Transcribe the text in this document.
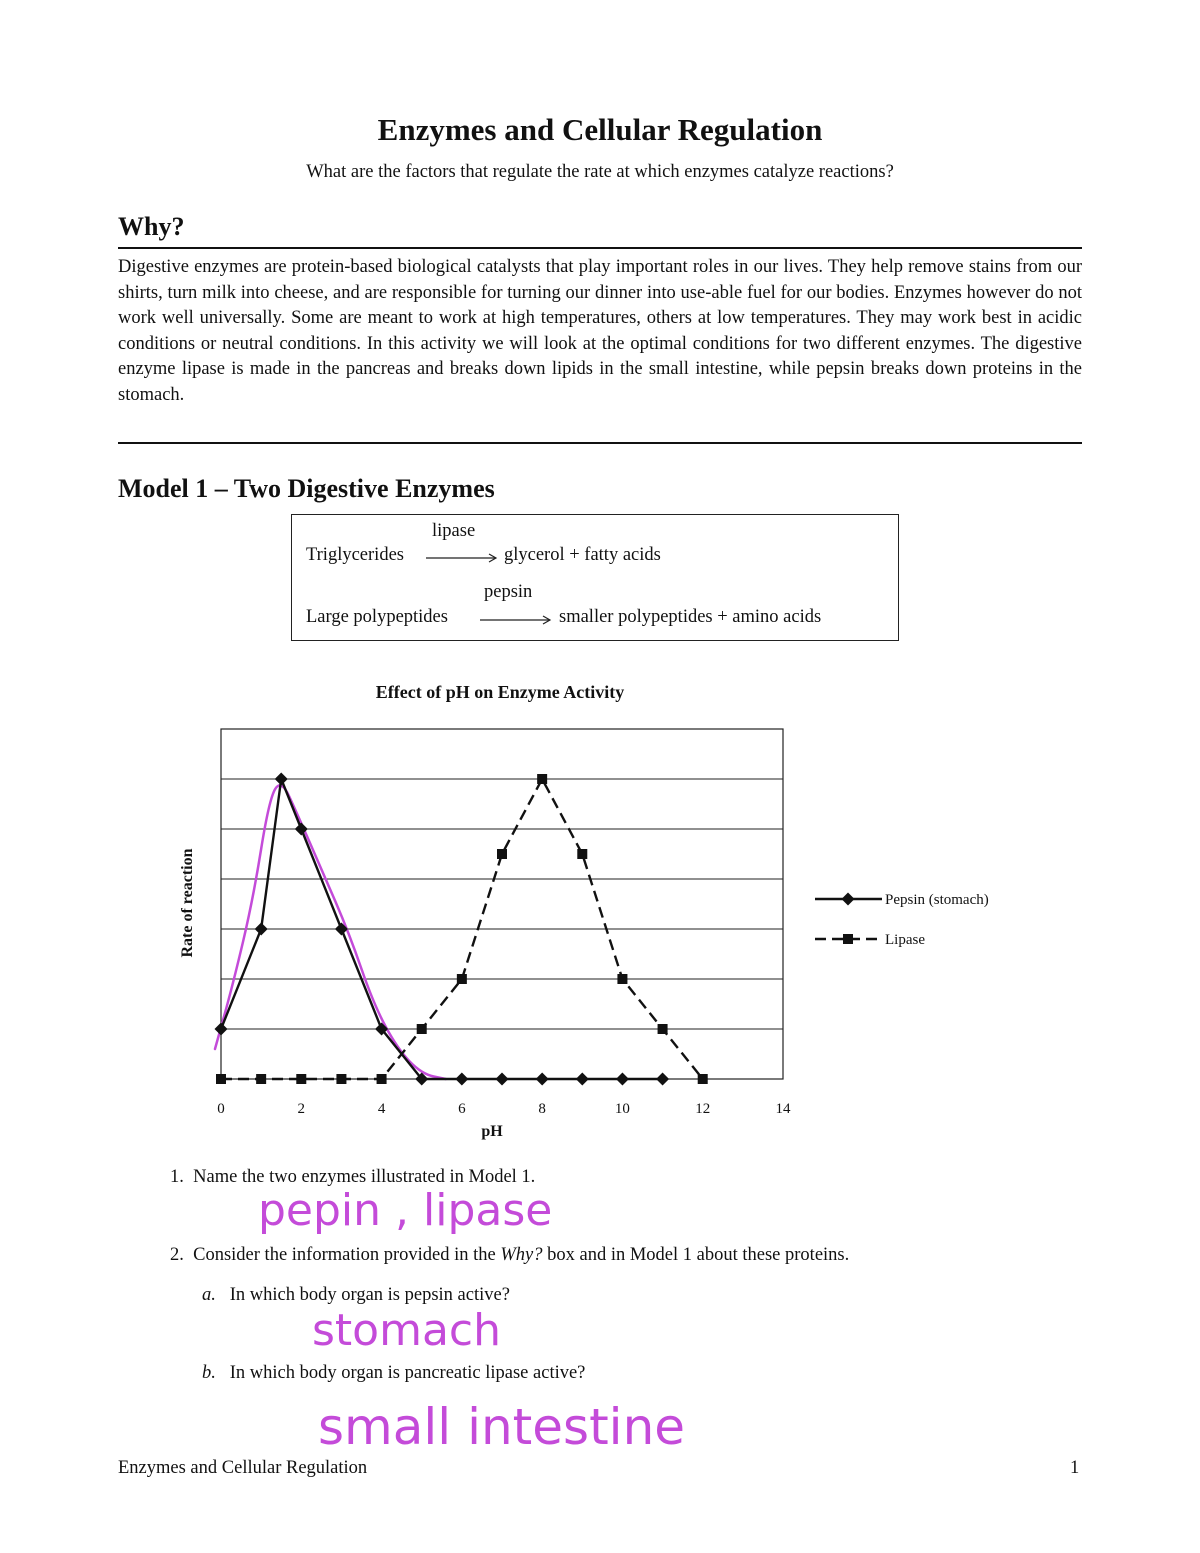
Enzymes and Cellular Regulation
What are the factors that regulate the rate at which enzymes catalyze reactions?
Why?
Digestive enzymes are protein-based biological catalysts that play important roles in our lives. They help remove stains from our shirts, turn milk into cheese, and are responsible for turning our dinner into use-able fuel for our bodies. Enzymes however do not work well universally. Some are meant to work at high temperatures, others at low temperatures. They may work best in acidic conditions or neutral conditions. In this activity we will look at the optimal conditions for two different enzymes. The digestive enzyme lipase is made in the pancreas and breaks down lipids in the small intestine, while pepsin breaks down proteins in the stomach.
Model 1 – Two Digestive Enzymes
lipase
Triglycerides → glycerol + fatty acids
pepsin
Large polypeptides → smaller polypeptides + amino acids
Effect of pH on Enzyme Activity
0	2	4	6	8	10	12	14
pH
Rate of reaction	Pepsin (stomach)
Lipase
1. Name the two enzymes illustrated in Model 1.
pepin , lipase
2. Consider the information provided in the Why? box and in Model 1 about these proteins.
a. In which body organ is pepsin active?
stomach
b. In which body organ is pancreatic lipase active?
small intestine
Enzymes and Cellular Regulation	1
